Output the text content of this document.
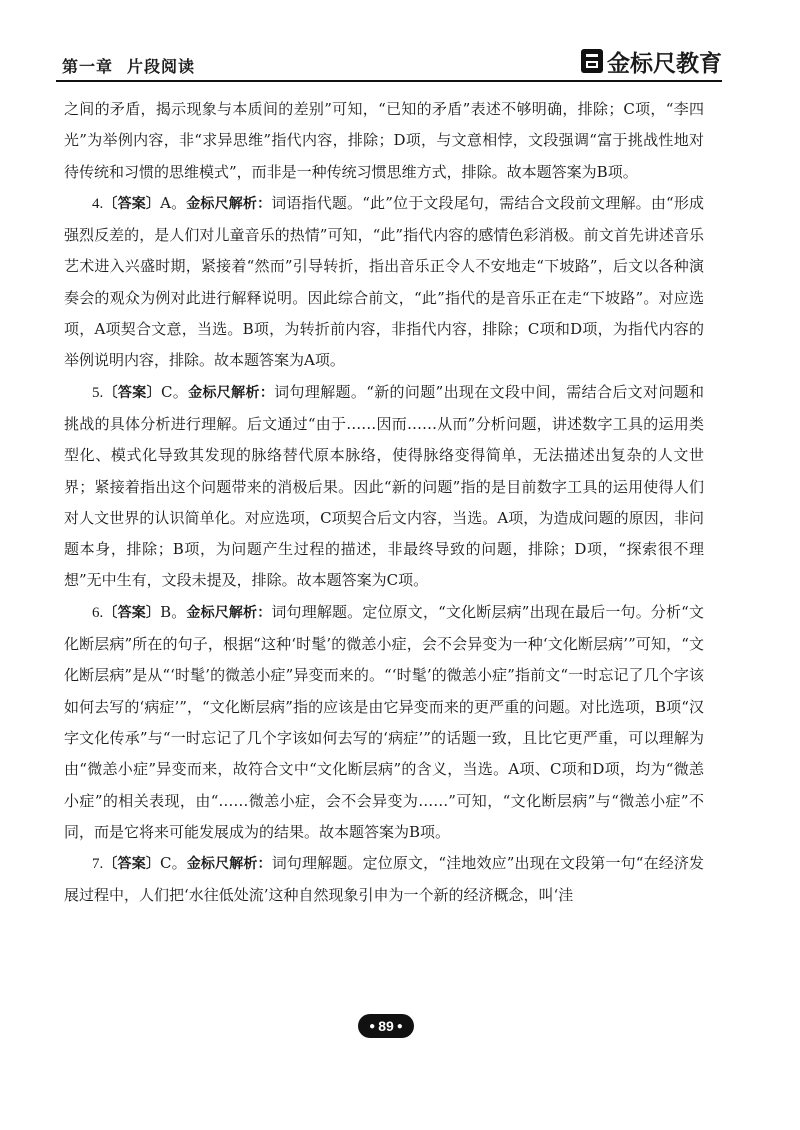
第一章 片段阅读	金标尺教育

之间的矛盾，揭示现象与本质间的差别”可知，“已知的矛盾”表述不够明确，排除；C项，“李四光”为举例内容，非“求异思维”指代内容，排除；D项，与文意相悖，文段强调“富于挑战性地对待传统和习惯的思维模式”，而非是一种传统习惯思维方式，排除。故本题答案为B项。

4.〔答案〕A。金标尺解析：词语指代题。“此”位于文段尾句，需结合文段前文理解。由“形成强烈反差的，是人们对儿童音乐的热情”可知，“此”指代内容的感情色彩消极。前文首先讲述音乐艺术进入兴盛时期，紧接着“然而”引导转折，指出音乐正令人不安地走“下坡路”，后文以各种演奏会的观众为例对此进行解释说明。因此综合前文，“此”指代的是音乐正在走“下坡路”。对应选项，A项契合文意，当选。B项，为转折前内容，非指代内容，排除；C项和D项，为指代内容的举例说明内容，排除。故本题答案为A项。

5.〔答案〕C。金标尺解析：词句理解题。“新的问题”出现在文段中间，需结合后文对问题和挑战的具体分析进行理解。后文通过“由于……因而……从而”分析问题，讲述数字工具的运用类型化、模式化导致其发现的脉络替代原本脉络，使得脉络变得简单，无法描述出复杂的人文世界；紧接着指出这个问题带来的消极后果。因此“新的问题”指的是目前数字工具的运用使得人们对人文世界的认识简单化。对应选项，C项契合后文内容，当选。A项，为造成问题的原因，非问题本身，排除；B项，为问题产生过程的描述，非最终导致的问题，排除；D项，“探索很不理想”无中生有，文段未提及，排除。故本题答案为C项。

6.〔答案〕B。金标尺解析：词句理解题。定位原文，“文化断层病”出现在最后一句。分析“文化断层病”所在的句子，根据“这种‘时髦’的微恙小症，会不会异变为一种‘文化断层病’”可知，“文化断层病”是从“‘时髦’的微恙小症”异变而来的。“‘时髦’的微恙小症”指前文“一时忘记了几个字该如何去写的‘病症’”，“文化断层病”指的应该是由它异变而来的更严重的问题。对比选项，B项“汉字文化传承”与“一时忘记了几个字该如何去写的‘病症’”的话题一致，且比它更严重，可以理解为由“微恙小症”异变而来，故符合文中“文化断层病”的含义，当选。A项、C项和D项，均为“微恙小症”的相关表现，由“……微恙小症，会不会异变为……”可知，“文化断层病”与“微恙小症”不同，而是它将来可能发展成为的结果。故本题答案为B项。

7.〔答案〕C。金标尺解析：词句理解题。定位原文，“洼地效应”出现在文段第一句“在经济发展过程中，人们把‘水往低处流’这种自然现象引申为一个新的经济概念，叫‘洼

● 89 ●
